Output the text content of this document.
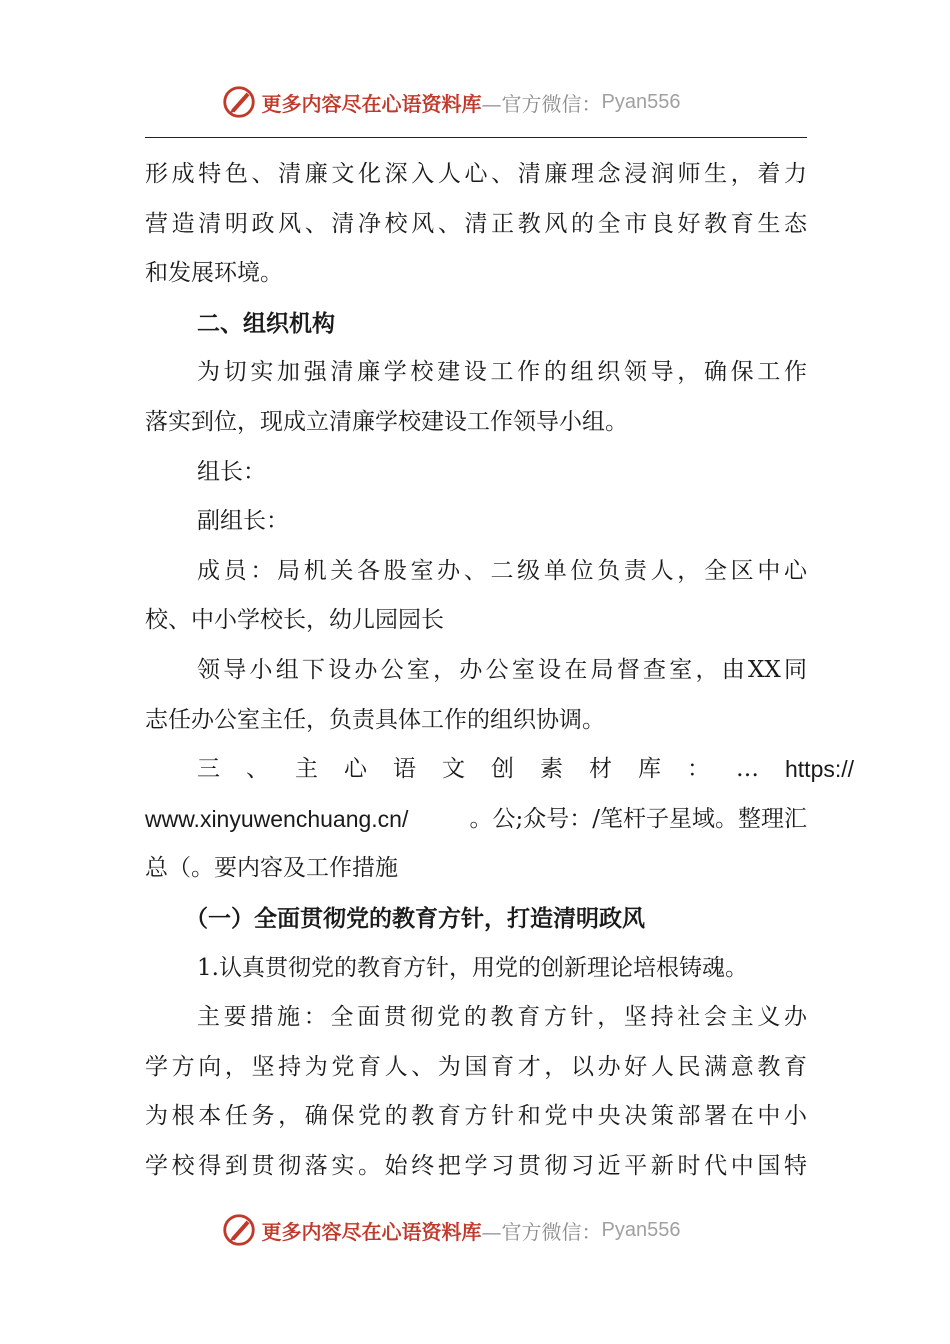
更多内容尽在心语资料库 —官方微信： Pyan556
形成特色、清廉文化深入人心、清廉理念浸润师生，着力
营造清明政风、清净校风、清正教风的全市良好教育生态
和发展环境。
二、组织机构
为切实加强清廉学校建设工作的组织领导，确保工作
落实到位，现成立清廉学校建设工作领导小组。
组长：
副组长：
成员：局机关各股室办、二级单位负责人，全区中心
校、中小学校长，幼儿园园长
领导小组下设办公室，办公室设在局督查室，由XX同
志任办公室主任，负责具体工作的组织协调。
三、主心语文创素材库：… https://
www.xinyuwenchuang.cn/	。公;众号：/笔杆子星域。整理汇
总（。要内容及工作措施
（一）全面贯彻党的教育方针，打造清明政风
1.认真贯彻党的教育方针，用党的创新理论培根铸魂。
主要措施：全面贯彻党的教育方针，坚持社会主义办
学方向，坚持为党育人、为国育才，以办好人民满意教育
为根本任务，确保党的教育方针和党中央决策部署在中小
学校得到贯彻落实。始终把学习贯彻习近平新时代中国特
更多内容尽在心语资料库 —官方微信： Pyan556
